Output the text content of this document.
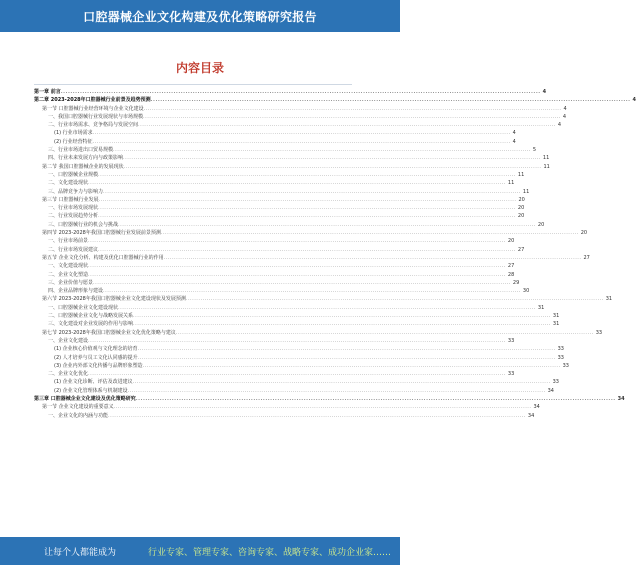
口腔器械企业文化构建及优化策略研究报告
内容目录
第一章 前言 ........................................................................................................................................................................................................ 4
第二章 2023-2028年口腔器械行业前景及趋势预测 ........................................................................................................................................................................................................ 4
第一节 口腔器械行业经营环境与企业文化建设 ........................................................................................................................................................................................................ 4
一、我国口腔器械行业发展现状与市场规模 ........................................................................................................................................................................................................ 4
二、行业市场需求、竞争格局与发展空间 ........................................................................................................................................................................................................ 4
(1) 行业市场需求 ........................................................................................................................................................................................................ 4
(2) 行业经营特征 ........................................................................................................................................................................................................ 4
三、行业市场进出口贸易规模 ........................................................................................................................................................................................................ 5
四、行业未来发展方向与政策影响 ........................................................................................................................................................................................................ 11
第二节 我国口腔器械企业的发展现状 ........................................................................................................................................................................................................ 11
一、口腔器械企业规模 ........................................................................................................................................................................................................ 11
二、文化建设现状 ........................................................................................................................................................................................................ 11
三、品牌竞争力与影响力 ........................................................................................................................................................................................................ 11
第三节 口腔器械行业发展 ........................................................................................................................................................................................................ 20
一、行业市场发展现状 ........................................................................................................................................................................................................ 20
二、行业发展趋势分析 ........................................................................................................................................................................................................ 20
三、口腔器械行业的机会与挑战 ........................................................................................................................................................................................................ 20
第四节 2023-2028年我国口腔器械行业发展前景预测 ........................................................................................................................................................................................................ 20
一、行业市场前景 ........................................................................................................................................................................................................ 20
二、行业市场发展建议 ........................................................................................................................................................................................................ 27
第五节 企业文化分析、构建及优化口腔器械行业的作用 ........................................................................................................................................................................................................ 27
一、文化建设现状 ........................................................................................................................................................................................................ 27
二、企业文化塑造 ........................................................................................................................................................................................................ 28
三、企业价值与愿景 ........................................................................................................................................................................................................ 29
四、企业品牌形象与建设 ........................................................................................................................................................................................................ 30
第六节 2023-2028年我国口腔器械企业文化建设现状及发展预测 ........................................................................................................................................................................................................ 31
一、口腔器械企业文化建设现状 ........................................................................................................................................................................................................ 31
二、口腔器械企业文化与战略发展关系 ........................................................................................................................................................................................................ 31
三、文化建设对企业发展的作用与影响 ........................................................................................................................................................................................................ 31
第七节 2023-2028年我国口腔器械企业文化优化策略与建议 ........................................................................................................................................................................................................ 33
一、企业文化建设 ........................................................................................................................................................................................................ 33
(1) 企业核心价值观与文化理念的培育 ........................................................................................................................................................................................................ 33
(2) 人才培养与员工文化认同感的提升 ........................................................................................................................................................................................................ 33
(3) 企业内外部文化传播与品牌形象塑造 ........................................................................................................................................................................................................ 33
二、企业文化优化 ........................................................................................................................................................................................................ 33
(1) 企业文化诊断、评估及改进建议 ........................................................................................................................................................................................................ 33
(2) 企业文化管理体系与机制建设 ........................................................................................................................................................................................................ 34
第三章 口腔器械企业文化建设及优化策略研究 ........................................................................................................................................................................................................ 34
第一节 企业文化建设的重要意义 ........................................................................................................................................................................................................ 34
一、企业文化的内涵与功能 ........................................................................................................................................................................................................ 34
让每个人都能成为	行业专家、管理专家、咨询专家、战略专家、成功企业家……
